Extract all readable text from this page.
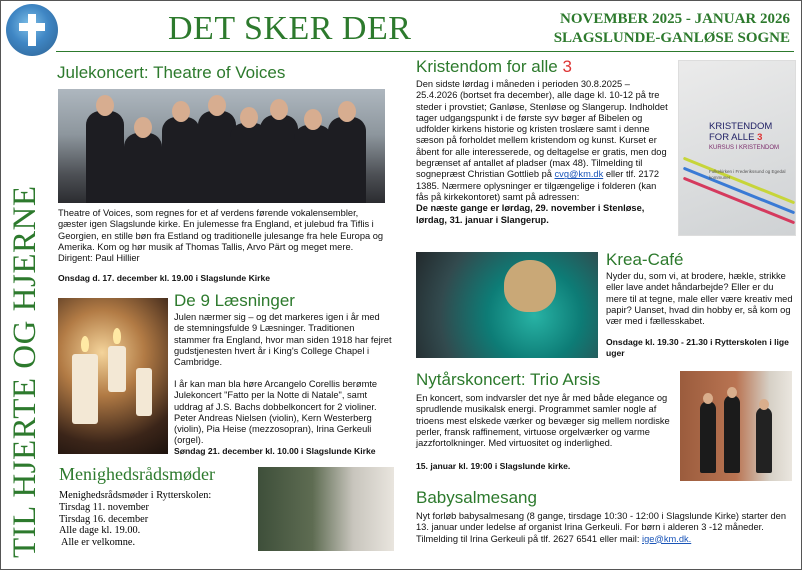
DET SKER DER	NOVEMBER 2025 - JANUAR 2026
SLAGSLUNDE-GANLØSE SOGNE
TIL HJERTE OG HJERNE
Julekoncert: Theatre of Voices
Theatre of Voices, som regnes for et af verdens førende vokalensembler, gæster igen Slagslunde kirke. En julemesse fra England, et julebud fra Tiflis i Georgien, en stille bøn fra Estland og traditionelle julesange fra hele Europa og Amerika. Kom og hør musik af Thomas Tallis, Arvo Pärt og meget mere. Dirigent: Paul Hillier
Onsdag d. 17. december kl. 19.00 i Slagslunde Kirke
De 9 Læsninger
Julen nærmer sig – og det markeres igen i år med de stemningsfulde 9 Læsninger. Traditionen stammer fra England, hvor man siden 1918 har fejret gudstjenesten hvert år i King's College Chapel i Cambridge.
I år kan man bla høre Arcangelo Corellis berømte Julekoncert "Fatto per la Notte di Natale", samt uddrag af J.S. Bachs dobbelkoncert for 2 violiner. Peter Andreas Nielsen (violin), Kern Westerberg (violin), Pia Heise (mezzosopran), Irina Gerkeuli (orgel).
Søndag 21. december kl. 10.00 i Slagslunde Kirke
Menighedsrådsmøder
Menighedsrådsmøder i Rytterskolen:
Tirsdag 11. november
Tirsdag 16. december
Alle dage kl. 19.00.
Alle er velkomne.
Kristendom for alle 3
Den sidste lørdag i måneden i perioden 30.8.2025 – 25.4.2026 (bortset fra december), alle dage kl. 10-12 på tre steder i provstiet; Ganløse, Stenløse og Slangerup. Indholdet tager udgangspunkt i de første syv bøger af Bibelen og udfolder kirkens historie og kristen troslære samt i denne sæson på forholdet mellem kristendom og kunst. Kurset er åbent for alle interesserede, og deltagelse er gratis, men dog begrænset af antallet af pladser (max 48). Tilmelding til sognepræst Christian Gottlieb på cvg@km.dk eller tlf. 2172 1385. Nærmere oplysninger er tilgængelige i folderen (kan fås på kirkekontoret) samt på adressen:
De næste gange er lørdag, 29. november i Stenløse, lørdag, 31. januar i Slangerup.
KRISTENDOM
FOR ALLE 3
KURSUS I KRISTENDOM
Folkekirken i Frederikssund og Egedal kommuner
Krea-Café
Nyder du, som vi, at brodere, hækle, strikke eller lave andet håndarbejde? Eller er du mere til at tegne, male eller være kreativ med papir? Uanset, hvad din hobby er, så kom og vær med i fællesskabet.
Onsdage kl. 19.30 - 21.30 i Rytterskolen i lige uger
Nytårskoncert: Trio Arsis
En koncert, som indvarsler det nye år med både elegance og sprudlende musikalsk energi. Programmet samler nogle af trioens mest elskede værker og bevæger sig mellem nordiske perler, fransk raffinement, virtuose orgelværker og varme jazzfortolkninger. Med virtuositet og inderlighed.
15. januar kl. 19:00 i Slagslunde kirke.
Babysalmesang
Nyt forløb babysalmesang (8 gange, tirsdage 10:30 - 12:00 i Slagslunde Kirke) starter den 13. januar under ledelse af organist Irina Gerkeuli. For børn i alderen 3 -12 måneder. Tilmelding til Irina Gerkeuli på tlf. 2627 6541 eller mail: ige@km.dk.
